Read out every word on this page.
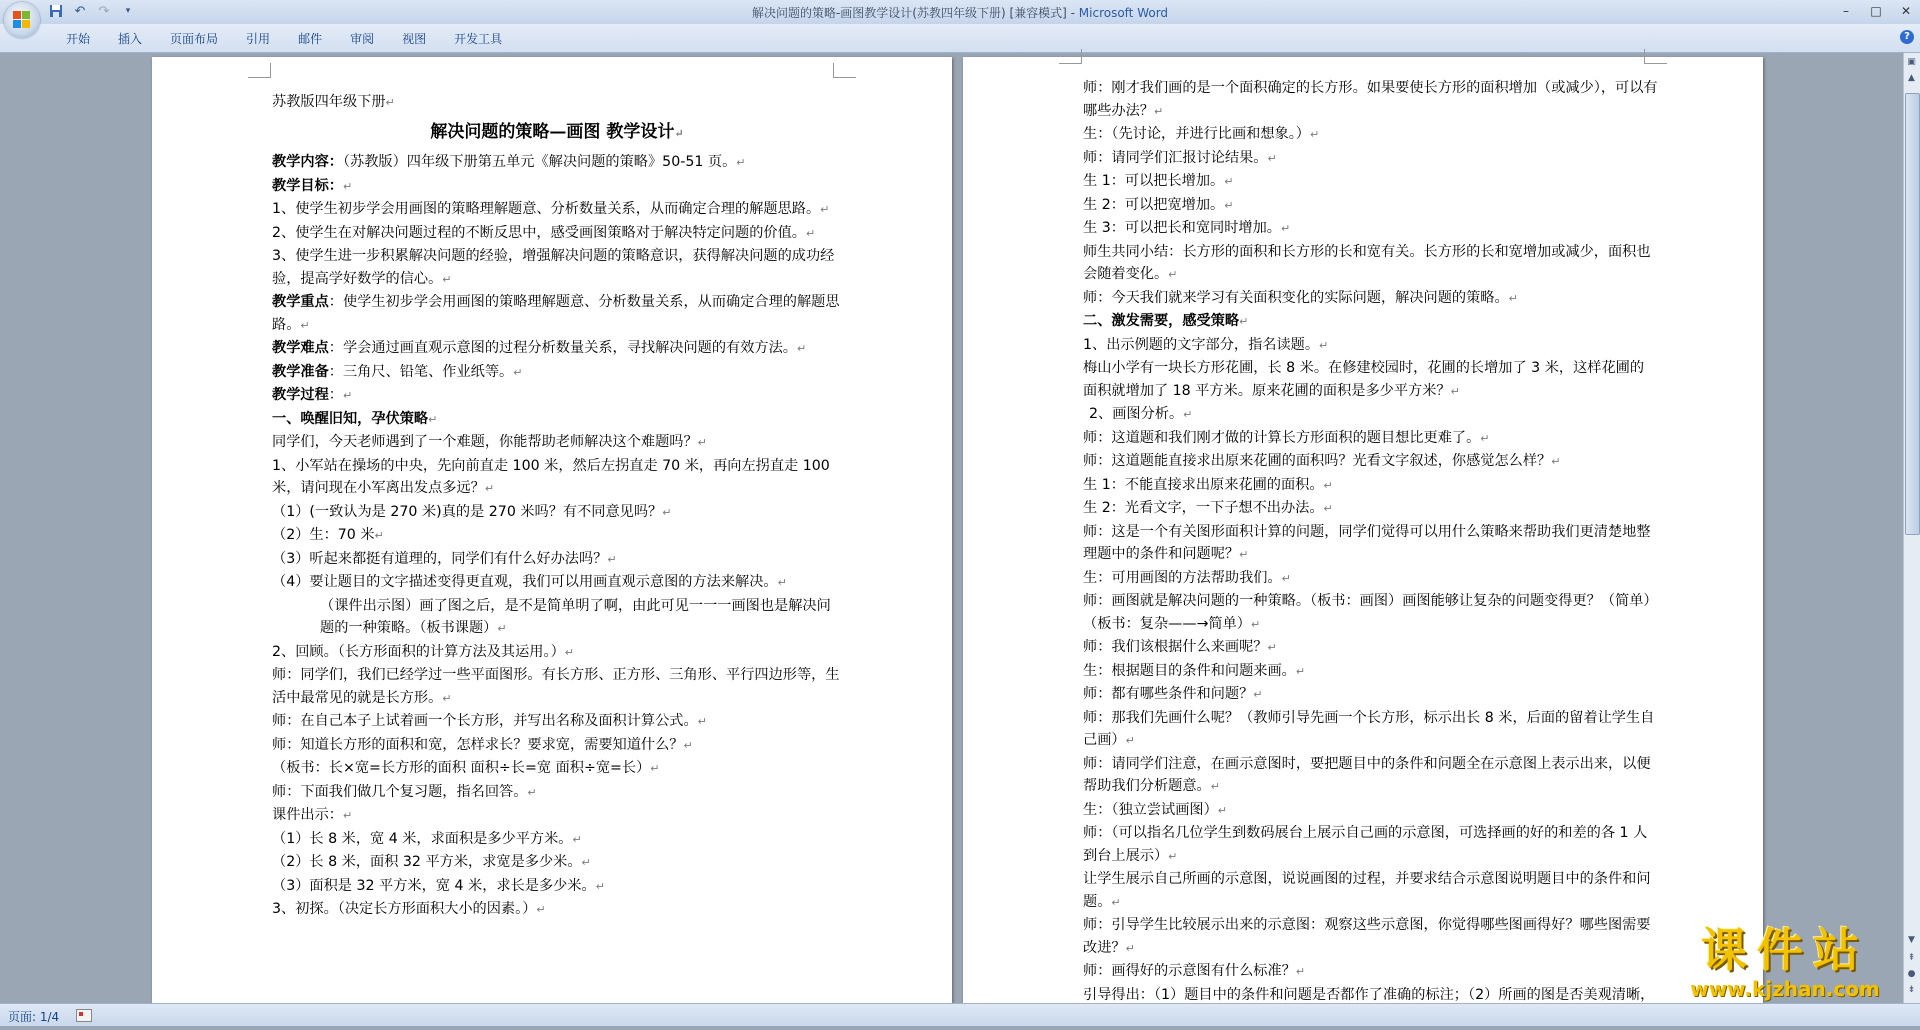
↶ ↷	▾	解决问题的策略-画图教学设计(苏教四年级下册) [兼容模式] - Microsoft Word	–	□ ✕
开始	插入	页面布局	引用	邮件	审阅	视图	开发工具	?

苏教版四年级下册↵

解决问题的策略—画图 教学设计↵

教学内容：（苏教版）四年级下册第五单元《解决问题的策略》50-51 页。↵

教学目标：↵

1、使学生初步学会用画图的策略理解题意、分析数量关系，从而确定合理的解题思路。↵

2、使学生在对解决问题过程的不断反思中，感受画图策略对于解决特定问题的价值。↵

3、使学生进一步积累解决问题的经验，增强解决问题的策略意识，获得解决问题的成功经验，提高学好数学的信心。↵

教学重点：使学生初步学会用画图的策略理解题意、分析数量关系，从而确定合理的解题思路。↵

教学难点：学会通过画直观示意图的过程分析数量关系，寻找解决问题的有效方法。↵

教学准备：三角尺、铅笔、作业纸等。↵

教学过程：↵

一、唤醒旧知，孕伏策略↵

同学们，今天老师遇到了一个难题，你能帮助老师解决这个难题吗？↵

1、小军站在操场的中央，先向前直走 100 米，然后左拐直走 70 米，再向左拐直走 100 米，请问现在小军离出发点多远？↵

（1）(一致认为是 270 米)真的是 270 米吗？有不同意见吗？↵

（2）生：70 米↵

（3）听起来都挺有道理的，同学们有什么好办法吗？↵

（4）要让题目的文字描述变得更直观，我们可以用画直观示意图的方法来解决。↵

（课件出示图）画了图之后，是不是简单明了啊，由此可见一一一画图也是解决问题的一种策略。（板书课题）↵

2、回顾。（长方形面积的计算方法及其运用。）↵

师：同学们，我们已经学过一些平面图形。有长方形、正方形、三角形、平行四边形等，生活中最常见的就是长方形。↵

师：在自己本子上试着画一个长方形，并写出名称及面积计算公式。↵

师：知道长方形的面积和宽，怎样求长？要求宽，需要知道什么？↵

（板书：长×宽=长方形的面积 面积÷长=宽 面积÷宽=长）↵

师：下面我们做几个复习题，指名回答。↵

课件出示：↵

（1）长 8 米，宽 4 米，求面积是多少平方米。↵

（2）长 8 米，面积 32 平方米，求宽是多少米。↵

（3）面积是 32 平方米，宽 4 米，求长是多少米。↵

3、初探。（决定长方形面积大小的因素。）↵

师：刚才我们画的是一个面积确定的长方形。如果要使长方形的面积增加（或减少），可以有哪些办法？↵

生：（先讨论，并进行比画和想象。）↵

师：请同学们汇报讨论结果。↵

生 1：可以把长增加。↵

生 2：可以把宽增加。↵

生 3：可以把长和宽同时增加。↵

师生共同小结：长方形的面积和长方形的长和宽有关。长方形的长和宽增加或减少，面积也会随着变化。↵

师：今天我们就来学习有关面积变化的实际问题，解决问题的策略。↵

二、激发需要，感受策略↵

1、出示例题的文字部分，指名读题。↵

梅山小学有一块长方形花圃，长 8 米。在修建校园时，花圃的长增加了 3 米，这样花圃的面积就增加了 18 平方米。原来花圃的面积是多少平方米？↵

2、画图分析。↵

师：这道题和我们刚才做的计算长方形面积的题目想比更难了。↵

师：这道题能直接求出原来花圃的面积吗？光看文字叙述，你感觉怎么样？↵

生 1：不能直接求出原来花圃的面积。↵

生 2：光看文字，一下子想不出办法。↵

师：这是一个有关图形面积计算的问题，同学们觉得可以用什么策略来帮助我们更清楚地整理题中的条件和问题呢？↵

生：可用画图的方法帮助我们。↵

师：画图就是解决问题的一种策略。（板书：画图）画图能够让复杂的问题变得更？（简单）（板书：复杂——→简单）↵

师：我们该根据什么来画呢？↵

生：根据题目的条件和问题来画。↵

师：都有哪些条件和问题？↵

师：那我们先画什么呢？（教师引导先画一个长方形，标示出长 8 米，后面的留着让学生自己画）↵

师：请同学们注意，在画示意图时，要把题目中的条件和问题全在示意图上表示出来，以便帮助我们分析题意。↵

生：（独立尝试画图）↵

师：（可以指名几位学生到数码展台上展示自己画的示意图，可选择画的好的和差的各 1 人到台上展示）↵

让学生展示自己所画的示意图，说说画图的过程，并要求结合示意图说明题目中的条件和问题。↵

师：引导学生比较展示出来的示意图：观察这些示意图，你觉得哪些图画得好？哪些图需要改进？↵

师：画得好的示意图有什么标准？↵

引导得出：（1）题目中的条件和问题是否都作了准确的标注；（2）所画的图是否美观清晰，

▣
▲
▼
⇞
●
⇟
页面: 1/4
课件站
www.kjzhan.com
